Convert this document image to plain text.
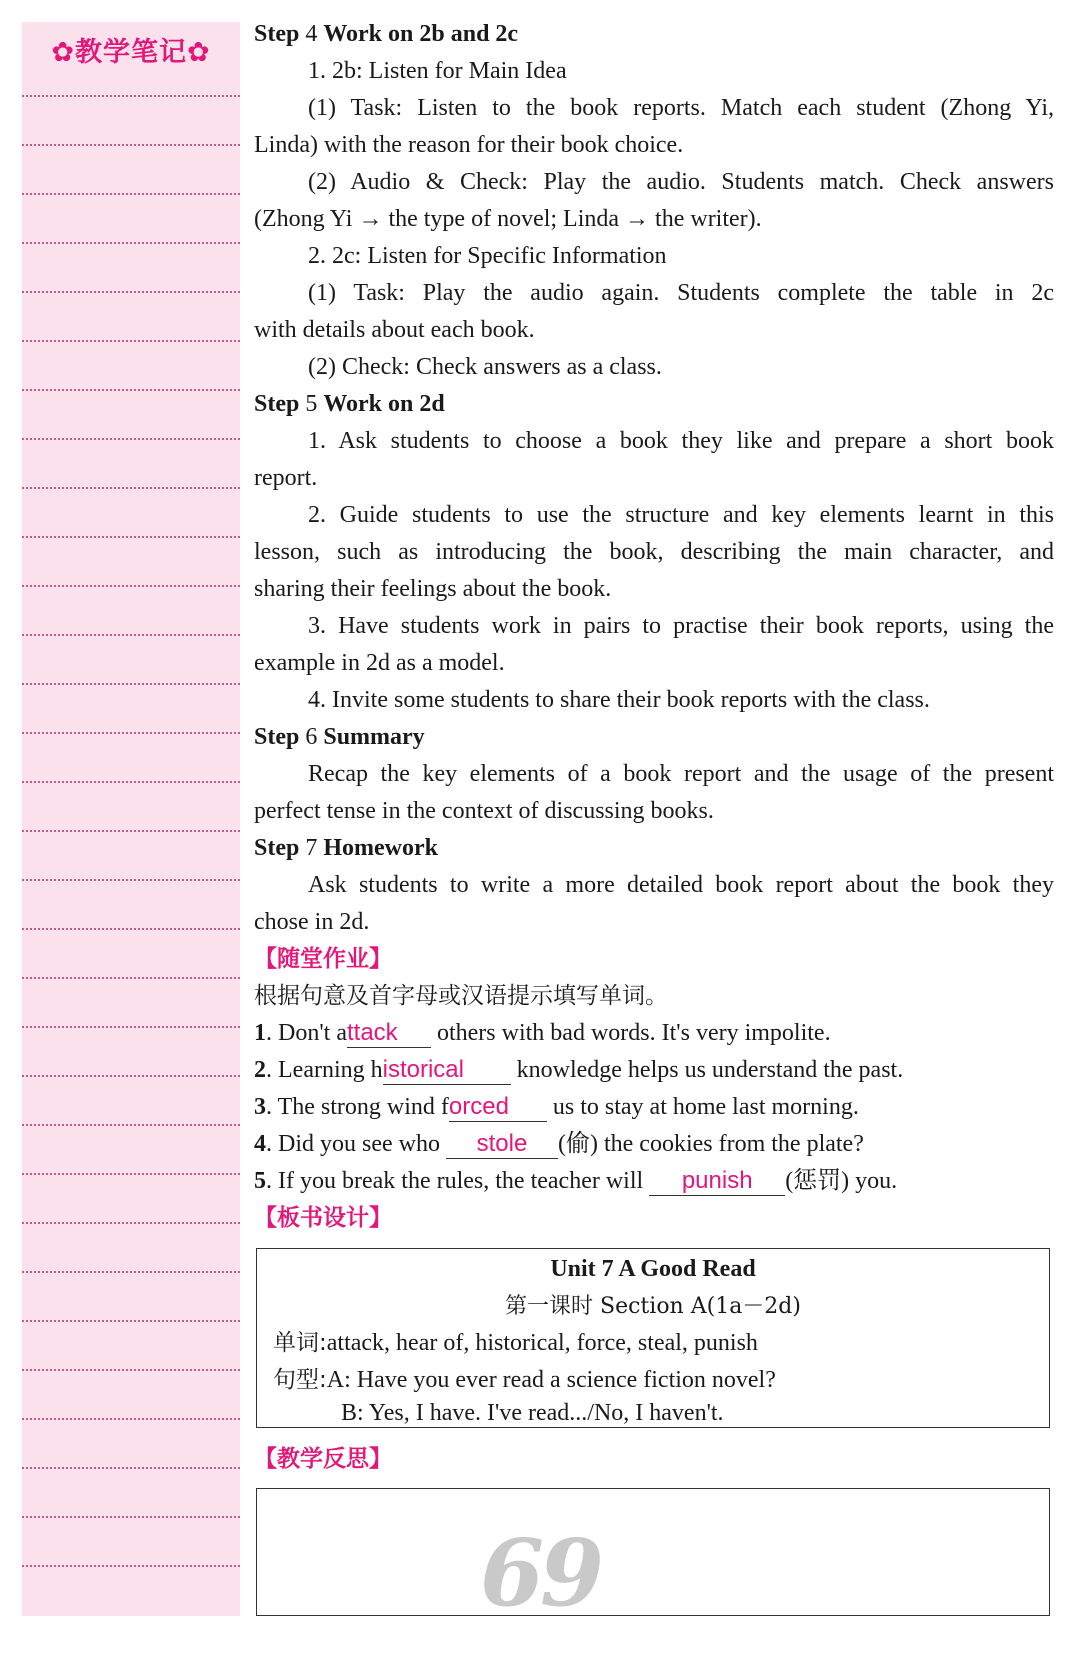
✿教学笔记✿
Step 4 Work on 2b and 2c
1. 2b: Listen for Main Idea
(1) Task: Listen to the book reports. Match each student (Zhong Yi,
Linda) with the reason for their book choice.
(2) Audio & Check: Play the audio. Students match. Check answers
(Zhong Yi → the type of novel; Linda → the writer).
2. 2c: Listen for Specific Information
(1) Task: Play the audio again. Students complete the table in 2c
with details about each book.
(2) Check: Check answers as a class.
Step 5 Work on 2d
1. Ask students to choose a book they like and prepare a short book
report.
2. Guide students to use the structure and key elements learnt in this
lesson, such as introducing the book, describing the main character, and
sharing their feelings about the book.
3. Have students work in pairs to practise their book reports, using the
example in 2d as a model.
4. Invite some students to share their book reports with the class.
Step 6 Summary
Recap the key elements of a book report and the usage of the present
perfect tense in the context of discussing books.
Step 7 Homework
Ask students to write a more detailed book report about the book they
chose in 2d.
【随堂作业】
根据句意及首字母或汉语提示填写单词。
1. Don't attack others with bad words. It's very impolite.
2. Learning historical knowledge helps us understand the past.
3. The strong wind forced us to stay at home last morning.
4. Did you see who stole (偷) the cookies from the plate?
5. If you break the rules, the teacher will punish (惩罚) you.
【板书设计】
【教学反思】
Unit 7 A Good Read
第一课时 Section A(1a－2d)
单词:attack, hear of, historical, force, steal, punish
句型:A: Have you ever read a science fiction novel?
B: Yes, I have. I've read.../No, I haven't.
69
